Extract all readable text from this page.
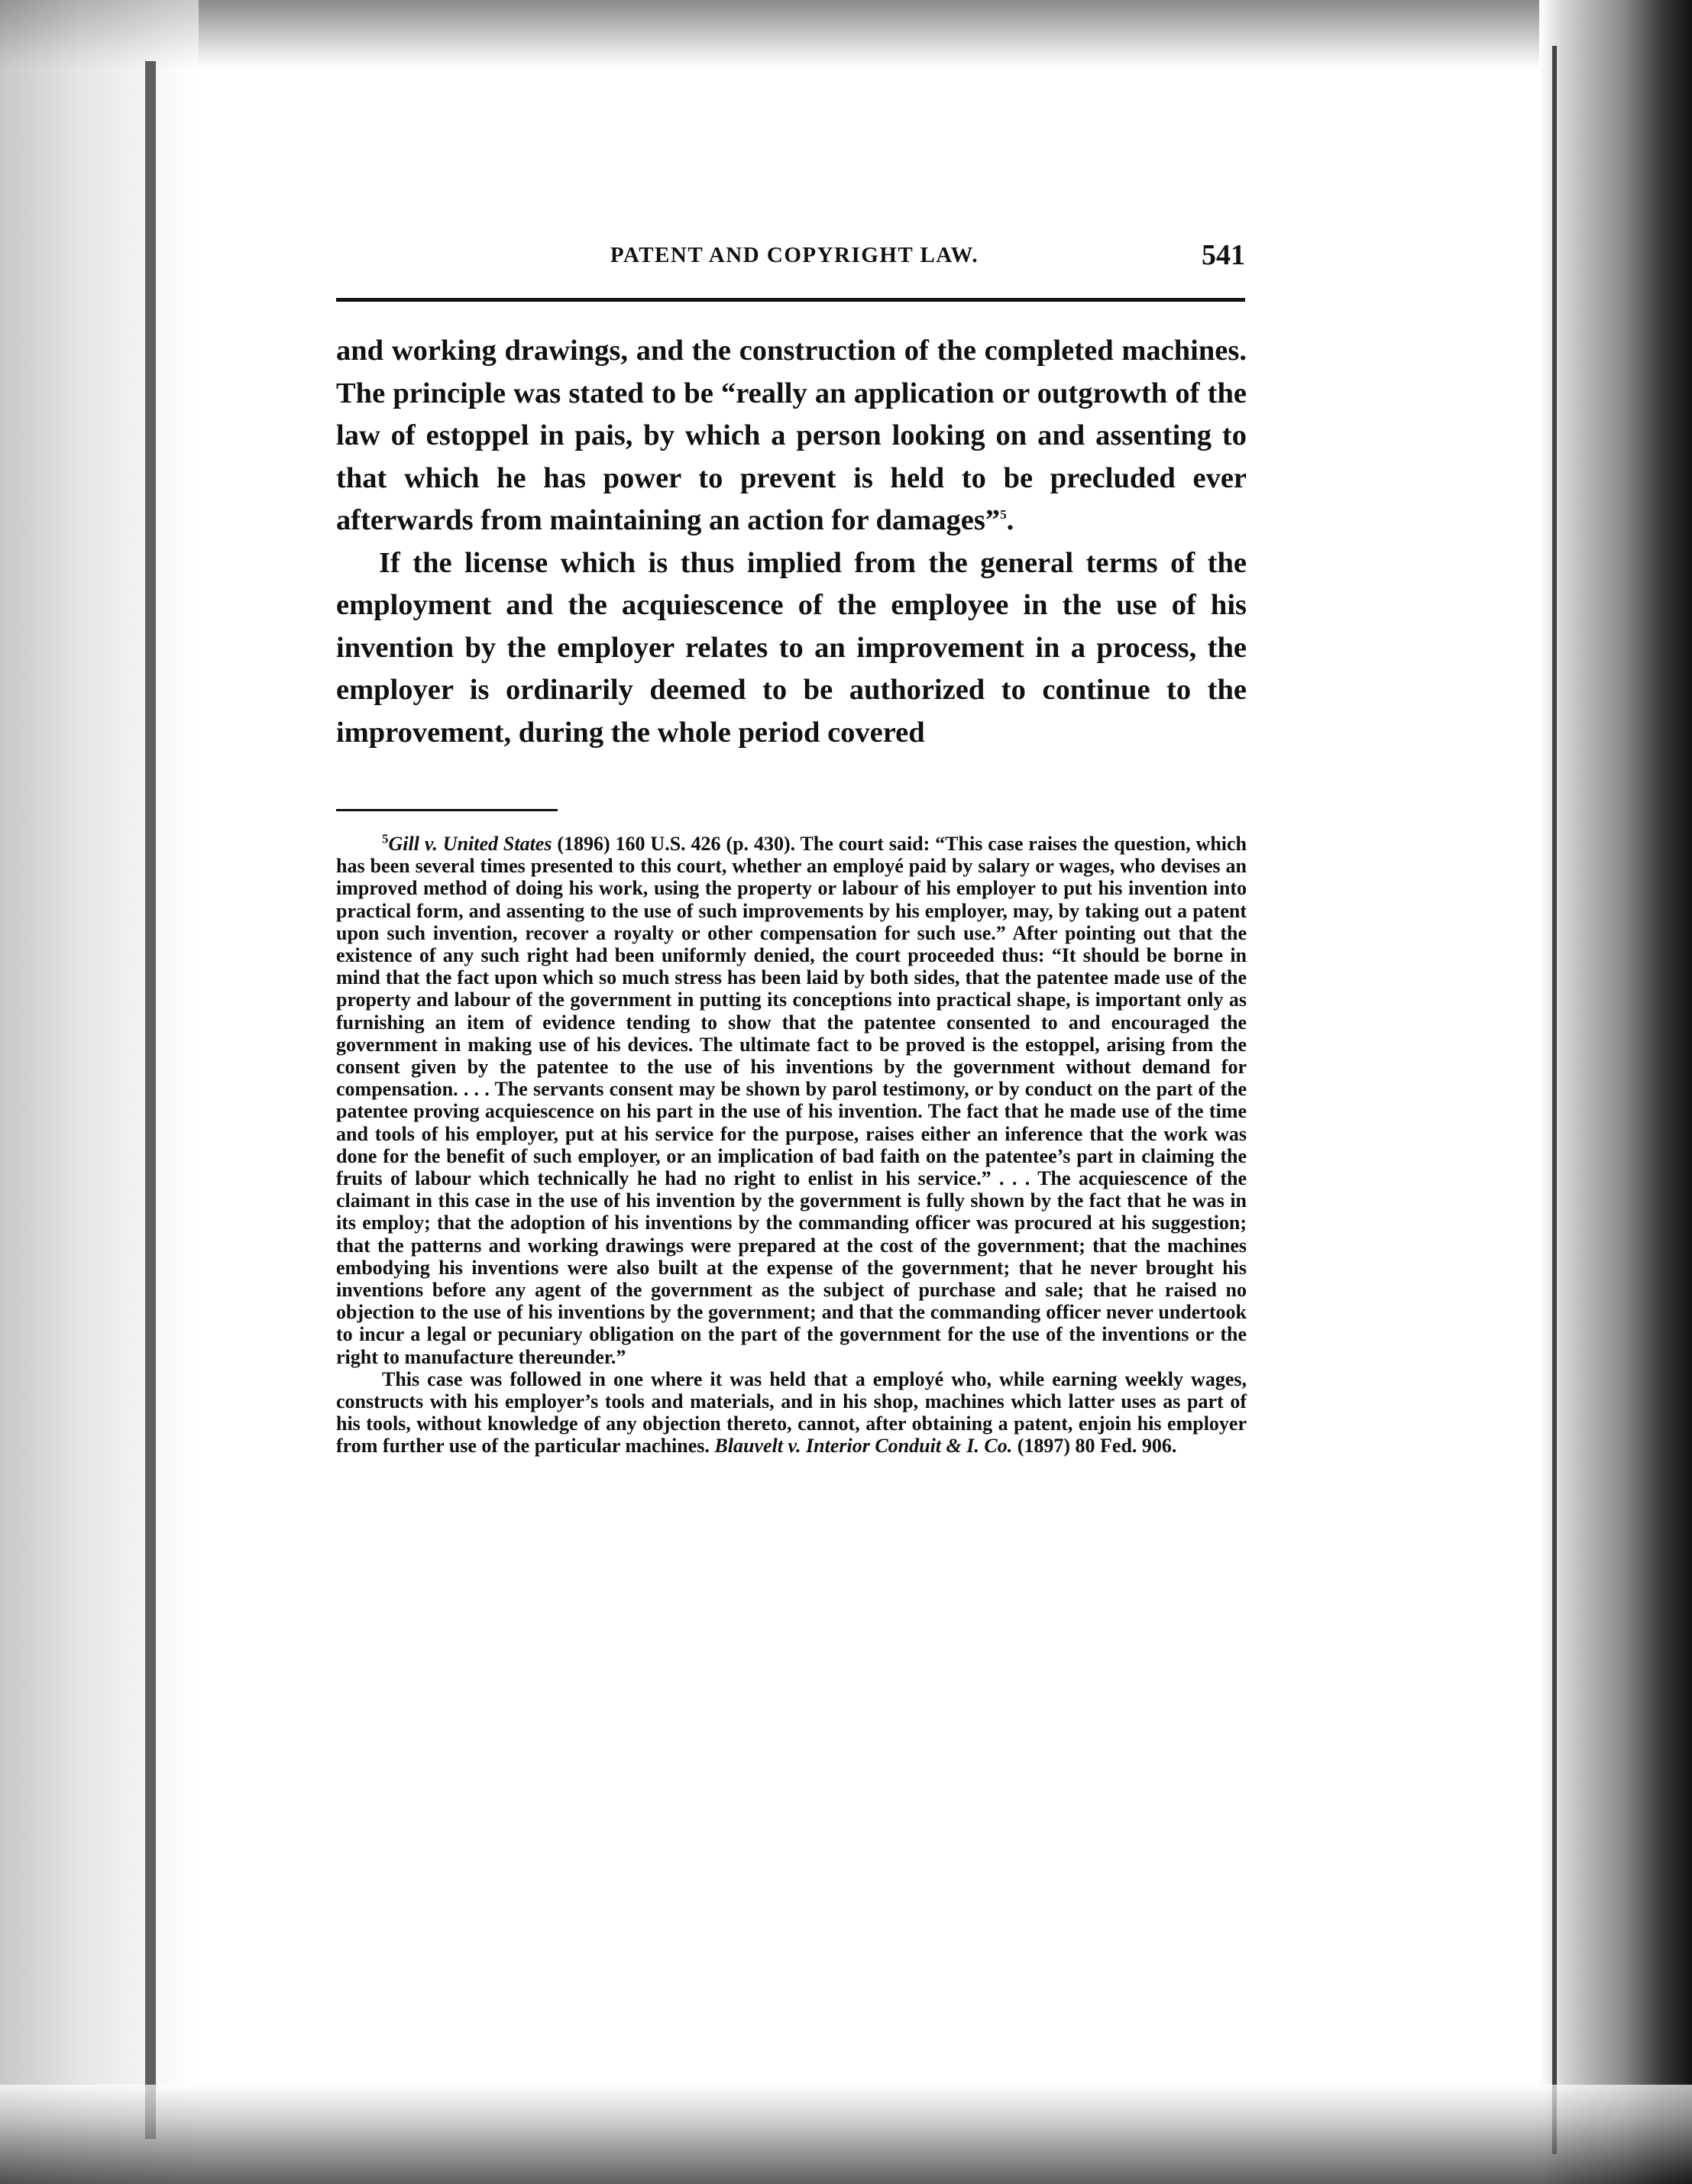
PATENT AND COPYRIGHT LAW.	541

and working drawings, and the construction of the completed machines. The principle was stated to be “really an application or outgrowth of the law of estoppel in pais, by which a person looking on and assenting to that which he has power to prevent is held to be precluded ever afterwards from maintaining an action for damages”$^5$.

If the license which is thus implied from the general terms of the employment and the acquiescence of the employee in the use of his invention by the employer relates to an improvement in a process, the employer is ordinarily deemed to be authorized to continue to the improvement, during the whole period covered

$^5$Gill v. United States (1896) 160 U.S. 426 (p. 430). The court said: “This case raises the question, which has been several times presented to this court, whether an employé paid by salary or wages, who devises an improved method of doing his work, using the property or labour of his employer to put his invention into practical form, and assenting to the use of such improvements by his employer, may, by taking out a patent upon such invention, recover a royalty or other compensation for such use.” After pointing out that the existence of any such right had been uniformly denied, the court proceeded thus: “It should be borne in mind that the fact upon which so much stress has been laid by both sides, that the patentee made use of the property and labour of the government in putting its conceptions into practical shape, is important only as furnishing an item of evidence tending to show that the patentee consented to and encouraged the government in making use of his devices. The ultimate fact to be proved is the estoppel, arising from the consent given by the patentee to the use of his inventions by the government without demand for compensation. . . . The servants consent may be shown by parol testimony, or by conduct on the part of the patentee proving acquiescence on his part in the use of his invention. The fact that he made use of the time and tools of his employer, put at his service for the purpose, raises either an inference that the work was done for the benefit of such employer, or an implication of bad faith on the patentee’s part in claiming the fruits of labour which technically he had no right to enlist in his service.” . . . The acquiescence of the claimant in this case in the use of his invention by the government is fully shown by the fact that he was in its employ; that the adoption of his inventions by the commanding officer was procured at his suggestion; that the patterns and working drawings were prepared at the cost of the government; that the machines embodying his inventions were also built at the expense of the government; that he never brought his inventions before any agent of the government as the subject of purchase and sale; that he raised no objection to the use of his inventions by the government; and that the commanding officer never undertook to incur a legal or pecuniary obligation on the part of the government for the use of the inventions or the right to manufacture thereunder.”

This case was followed in one where it was held that a employé who, while earning weekly wages, constructs with his employer’s tools and materials, and in his shop, machines which latter uses as part of his tools, without knowledge of any objection thereto, cannot, after obtaining a patent, enjoin his employer from further use of the particular machines. Blauvelt v. Interior Conduit & I. Co. (1897) 80 Fed. 906.
